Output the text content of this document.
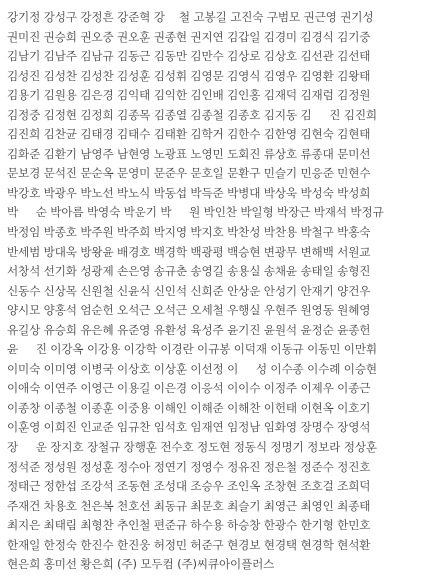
강기정 강성구 강정흔 강준혁 강    철 고봉길 고진숙 구범모 권근영 권기성
권미진 권승희 권오중 권오훈 권종현 권지연 김갑일 김경미 김경식 김기중
김남기 김남주 김남규 김동근 김동만 김만수 김상로 김상호 김선관 김선태
김성진 김성찬 김성찬 김성훈 김성휘 김영문 김영식 김영우 김영환 김왕태
김용기 김원용 김은경 김익태 김익한 김인배 김인홍 김재덕 김재럼 김정원
김정중 김정현 김정희 김종목 김종열 김종철 김종호 김지동 김     진 김진희
김진희 김찬균 김태경 김태수 김태환 김학거 김한수 김한영 김현숙 김현태
김화준 김환기 남영주 남현영 노광표 노영민 도회진 류상호 류종대 문미선
문보경 문석진 문순옥 문영미 문준우 문호일 문환구 민슬기 민응준 민현수
박강호 박광우 박노선 박노식 박동섭 박득준 박병대 박상욱 박성숙 박성희
박     순 박아름 박영숙 박운기 박     원 박인찬 박일형 박장근 박재석 박정규
박정임 박종호 박주원 박주희 박지영 박지호 박찬성 박찬용 박철구 박홍숙
반세범 방대욱 방왕윤 배경호 백경학 백광평 백승현 변광무 변해백 서원교
서창석 선기화 성광제 손은영 송규춘 송영길 송용실 송채윤 송태일 송형진
신동수 신상목 신원철 신윤식 신인석 신희준 안상운 안성기 안재기 양건우
양시모 양홍석 엄순헌 오석근 오석근 오세철 우행실 우현주 원영동 원혜영
유길상 유승희 유은혜 유준영 유환성 육성주 윤기진 윤원석 윤정순 윤종헌
윤     진 이강옥 이강용 이강학 이경란 이규봉 이덕재 이동규 이동민 이만휘
이미숙 이미영 이병국 이상호 이상훈 이선정 이     성 이수종 이수례 이승현
이애숙 이연주 이영근 이용길 이은경 이응석 이이수 이정주 이제우 이종근
이종창 이종철 이종훈 이중용 이해인 이해준 이해찬 이헌태 이현옥 이호기
이훈영 이희진 인교준 임규찬 임석호 임재연 임정남 임화영 장명수 장영석
장     운 장지호 장철규 장행훈 전수호 정도현 정동식 정명기 정보라 정상훈
정석준 정성원 정성훈 정수아 정연기 정영수 정유진 정은철 정준수 정진호
정태근 정한섭 조강석 조동현 조성대 조승우 조인옥 조창현 조호걸 조희덕
주재건 차용호 천은복 천호선 최동규 최문호 최슬기 최영근 최영인 최종태
최지은 최태림 최형찬 추인철 편준규 하수용 하승창 한광수 한기형 한민호
한재일 한정숙 한진수 한진웅 허정민 허준구 현경보 현경택 현경학 현석환
현은희 홍미선 황은희 (주) 모두컴 (주)씨큐아이플러스
